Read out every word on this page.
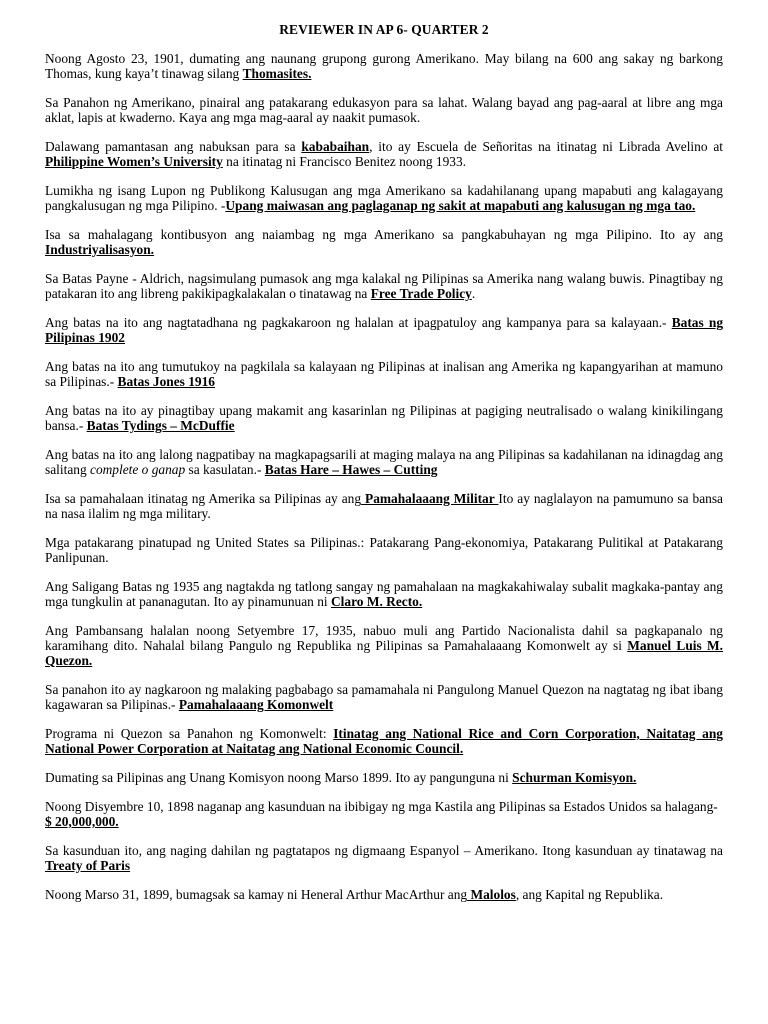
REVIEWER IN AP 6- QUARTER 2

Noong Agosto 23, 1901, dumating ang naunang grupong gurong Amerikano. May bilang na 600 ang sakay ng barkong Thomas, kung kaya’t tinawag silang Thomasites.

Sa Panahon ng Amerikano, pinairal ang patakarang edukasyon para sa lahat. Walang bayad ang pag-aaral at libre ang mga aklat, lapis at kwaderno. Kaya ang mga mag-aaral ay naakit pumasok.

Dalawang pamantasan ang nabuksan para sa kababaihan, ito ay Escuela de Señoritas na itinatag ni Librada Avelino at Philippine Women’s University na itinatag ni Francisco Benitez noong 1933.

Lumikha ng isang Lupon ng Publikong Kalusugan ang mga Amerikano sa kadahilanang upang mapabuti ang kalagayang pangkalusugan ng mga Pilipino. -Upang maiwasan ang paglaganap ng sakit at mapabuti ang kalusugan ng mga tao.

Isa sa mahalagang kontibusyon ang naiambag ng mga Amerikano sa pangkabuhayan ng mga Pilipino. Ito ay ang Industriyalisasyon.

Sa Batas Payne - Aldrich, nagsimulang pumasok ang mga kalakal ng Pilipinas sa Amerika nang walang buwis. Pinagtibay ng patakaran ito ang libreng pakikipagkalakalan o tinatawag na Free Trade Policy.

Ang batas na ito ang nagtatadhana ng pagkakaroon ng halalan at ipagpatuloy ang kampanya para sa kalayaan.- Batas ng Pilipinas 1902

Ang batas na ito ang tumutukoy na pagkilala sa kalayaan ng Pilipinas at inalisan ang Amerika ng kapangyarihan at mamuno sa Pilipinas.- Batas Jones 1916

Ang batas na ito ay pinagtibay upang makamit ang kasarinlan ng Pilipinas at pagiging neutralisado o walang kinikilingang bansa.- Batas Tydings – McDuffie

Ang batas na ito ang lalong nagpatibay na magkapagsarili at maging malaya na ang Pilipinas sa kadahilanan na idinagdag ang salitang complete o ganap sa kasulatan.- Batas Hare – Hawes – Cutting

Isa sa pamahalaan itinatag ng Amerika sa Pilipinas ay ang Pamahalaaang Militar Ito ay naglalayon na pamumuno sa bansa na nasa ilalim ng mga military.

Mga patakarang pinatupad ng United States sa Pilipinas.: Patakarang Pang-ekonomiya, Patakarang Pulitikal at Patakarang Panlipunan.

Ang Saligang Batas ng 1935 ang nagtakda ng tatlong sangay ng pamahalaan na magkakahiwalay subalit magkaka-pantay ang mga tungkulin at pananagutan. Ito ay pinamunuan ni Claro M. Recto.

Ang Pambansang halalan noong Setyembre 17, 1935, nabuo muli ang Partido Nacionalista dahil sa pagkapanalo ng karamihang dito. Nahalal bilang Pangulo ng Republika ng Pilipinas sa Pamahalaaang Komonwelt ay si Manuel Luis M. Quezon.

Sa panahon ito ay nagkaroon ng malaking pagbabago sa pamamahala ni Pangulong Manuel Quezon na nagtatag ng ibat ibang kagawaran sa Pilipinas.- Pamahalaaang Komonwelt

Programa ni Quezon sa Panahon ng Komonwelt: Itinatag ang National Rice and Corn Corporation, Naitatag ang National Power Corporation at Naitatag ang National Economic Council.

Dumating sa Pilipinas ang Unang Komisyon noong Marso 1899. Ito ay pangunguna ni Schurman Komisyon.

Noong Disyembre 10, 1898 naganap ang kasunduan na ibibigay ng mga Kastila ang Pilipinas sa Estados Unidos sa halagang-
$ 20,000,000.

Sa kasunduan ito, ang naging dahilan ng pagtatapos ng digmaang Espanyol – Amerikano. Itong kasunduan ay tinatawag na Treaty of Paris

Noong Marso 31, 1899, bumagsak sa kamay ni Heneral Arthur MacArthur ang Malolos, ang Kapital ng Republika.
